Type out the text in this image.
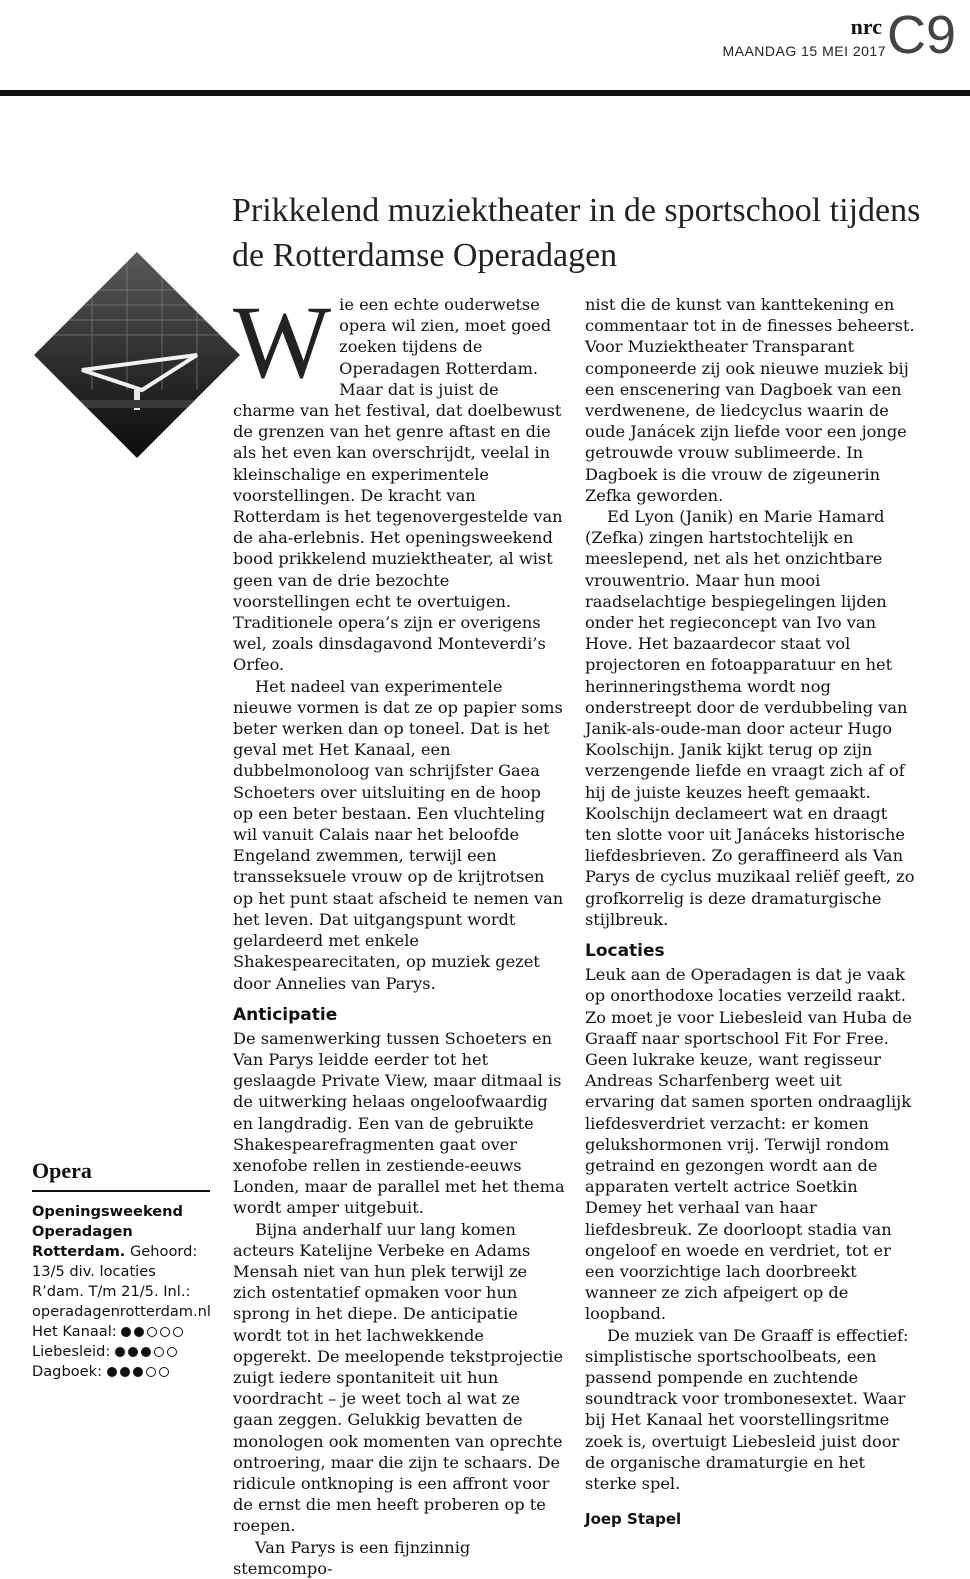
nrc
MAANDAG 15 MEI 2017 C9
Prikkelend muziektheater in de sportschool tijdens de Rotterdamse Operadagen

Wie een echte ouderwetse opera wil zien, moet goed zoeken tijdens de Operadagen Rotterdam. Maar dat is juist de charme van het festival, dat doelbewust de grenzen van het genre aftast en die als het even kan overschrijdt, veelal in kleinschalige en experimentele voorstellingen. De kracht van Rotterdam is het tegenovergestelde van de aha-erlebnis. Het openingsweekend bood prikkelend muziektheater, al wist geen van de drie bezochte voorstellingen echt te overtuigen. Traditionele opera’s zijn er overigens wel, zoals dinsdagavond Monteverdi’s Orfeo.

Het nadeel van experimentele nieuwe vormen is dat ze op papier soms beter werken dan op toneel. Dat is het geval met Het Kanaal, een dubbelmonoloog van schrijfster Gaea Schoeters over uitsluiting en de hoop op een beter bestaan. Een vluchteling wil vanuit Calais naar het beloofde Engeland zwemmen, terwijl een transseksuele vrouw op de krijtrotsen op het punt staat afscheid te nemen van het leven. Dat uitgangspunt wordt gelardeerd met enkele Shakespearecitaten, op muziek gezet door Annelies van Parys.

Anticipatie

De samenwerking tussen Schoeters en Van Parys leidde eerder tot het geslaagde Private View, maar ditmaal is de uitwerking helaas ongeloofwaardig en langdradig. Een van de gebruikte Shakespearefragmenten gaat over xenofobe rellen in zestiende-eeuws Londen, maar de parallel met het thema wordt amper uitgebuit.

Bijna anderhalf uur lang komen acteurs Katelijne Verbeke en Adams Mensah niet van hun plek terwijl ze zich ostentatief opmaken voor hun sprong in het diepe. De anticipatie wordt tot in het lachwekkende opgerekt. De meelopende tekstprojectie zuigt iedere spontaniteit uit hun voordracht – je weet toch al wat ze gaan zeggen. Gelukkig bevatten de monologen ook momenten van oprechte ontroering, maar die zijn te schaars. De ridicule ontknoping is een affront voor de ernst die men heeft proberen op te roepen.

Van Parys is een fijnzinnig stemcompo-

nist die de kunst van kanttekening en commentaar tot in de finesses beheerst. Voor Muziektheater Transparant componeerde zij ook nieuwe muziek bij een enscenering van Dagboek van een verdwenene, de liedcyclus waarin de oude Janácek zijn liefde voor een jonge getrouwde vrouw sublimeerde. In Dagboek is die vrouw de zigeunerin Zefka geworden.

Ed Lyon (Janik) en Marie Hamard (Zefka) zingen hartstochtelijk en meeslepend, net als het onzichtbare vrouwentrio. Maar hun mooi raadselachtige bespiegelingen lijden onder het regieconcept van Ivo van Hove. Het bazaardecor staat vol projectoren en fotoapparatuur en het herinneringsthema wordt nog onderstreept door de verdubbeling van Janik-als-oude-man door acteur Hugo Koolschijn. Janik kijkt terug op zijn verzengende liefde en vraagt zich af of hij de juiste keuzes heeft gemaakt. Koolschijn declameert wat en draagt ten slotte voor uit Janáceks historische liefdesbrieven. Zo geraffineerd als Van Parys de cyclus muzikaal reliëf geeft, zo grofkorrelig is deze dramaturgische stijlbreuk.

Locaties

Leuk aan de Operadagen is dat je vaak op onorthodoxe locaties verzeild raakt. Zo moet je voor Liebesleid van Huba de Graaff naar sportschool Fit For Free. Geen lukrake keuze, want regisseur Andreas Scharfenberg weet uit ervaring dat samen sporten ondraaglijk liefdesverdriet verzacht: er komen gelukshormonen vrij. Terwijl rondom getraind en gezongen wordt aan de apparaten vertelt actrice Soetkin Demey het verhaal van haar liefdesbreuk. Ze doorloopt stadia van ongeloof en woede en verdriet, tot er een voorzichtige lach doorbreekt wanneer ze zich afpeigert op de loopband.

De muziek van De Graaff is effectief: simplistische sportschoolbeats, een passend pompende en zuchtende soundtrack voor trombonesextet. Waar bij Het Kanaal het voorstellingsritme zoek is, overtuigt Liebesleid juist door de organische dramaturgie en het sterke spel.

Joep Stapel
Opera
Openingsweekend Operadagen Rotterdam. Gehoord: 13/5 div. locaties R’dam. T/m 21/5. Inl.: operadagenrotterdam.nl
Het Kanaal:
Liebesleid:
Dagboek:
